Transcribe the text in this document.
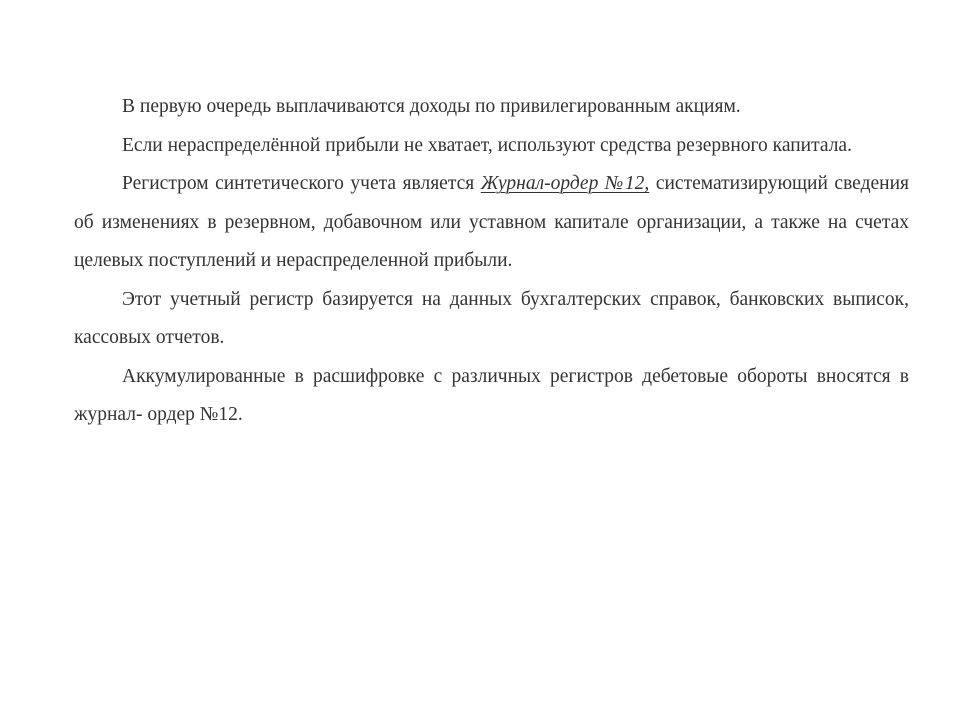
В первую очередь выплачиваются доходы по привилегированным акциям.

Если нераспределённой прибыли не хватает, используют средства резервного капитала.

Регистром синтетического учета является Журнал-ордер №12, систематизирующий сведения об изменениях в резервном, добавочном или уставном капитале организации, а также на счетах целевых поступлений и нераспределенной прибыли.

Этот учетный регистр базируется на данных бухгалтерских справок, банковских выписок, кассовых отчетов.

Аккумулированные в расшифровке с различных регистров дебетовые обороты вносятся в журнал- ордер №12.
